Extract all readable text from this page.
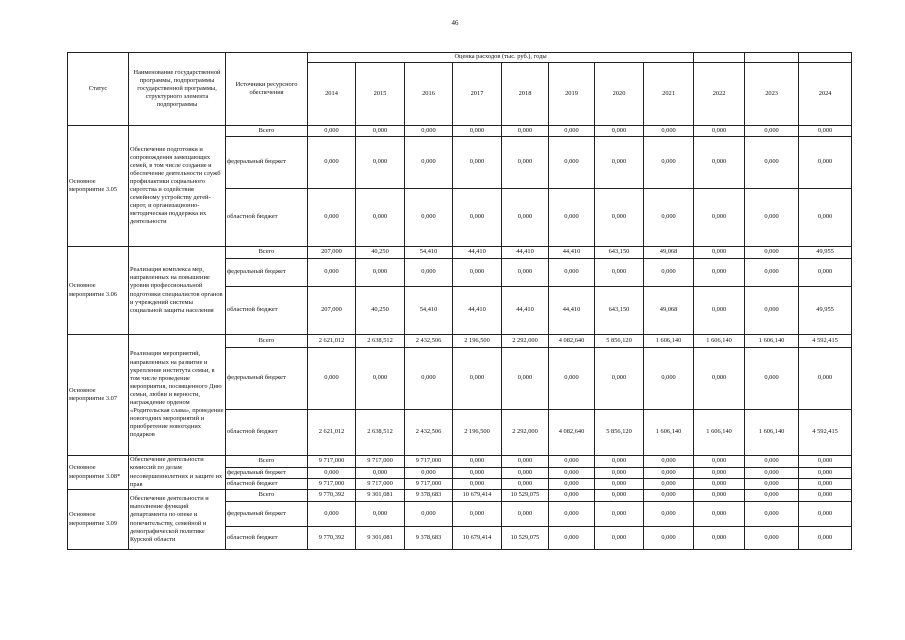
46
Статус	Наименование государственной программы, подпрограммы государственной программы, структурного элемента подпрограммы	Источники ресурсного обеспечения	Оценка расходов (тыс. руб.), годы										
			2014	2015	2016	2017	2018	2019	2020	2021	2022	2023	2024
Основное мероприятие 3.05	Обеспечение подготовки и сопровождения замещающих семей, в том числе создание и обеспечение деятельности служб профилактики социального сиротства и содействия семейному устройству детей-сирот, и организационно-методическая поддержка их деятельности	Всего	0,000	0,000	0,000	0,000	0,000	0,000	0,000	0,000	0,000	0,000	0,000
		федеральный бюджет	0,000	0,000	0,000	0,000	0,000	0,000	0,000	0,000	0,000	0,000	0,000
		областной бюджет	0,000	0,000	0,000	0,000	0,000	0,000	0,000	0,000	0,000	0,000	0,000
Основное мероприятие 3.06	Реализация комплекса мер, направленных на повышение уровня профессиональной подготовки специалистов органов и учреждений системы социальной защиты населения	Всего	207,000	40,250	54,410	44,410	44,410	44,410	643,150	49,068	0,000	0,000	49,955
		федеральный бюджет	0,000	0,000	0,000	0,000	0,000	0,000	0,000	0,000	0,000	0,000	0,000
		областной бюджет	207,000	40,250	54,410	44,410	44,410	44,410	643,150	49,068	0,000	0,000	49,955
Основное мероприятие 3.07	Реализация мероприятий, направленных на развитие и укрепление института семьи, в том числе проведение мероприятия, посвященного Дню семьи, любви и верности, награждение орденом «Родительская слава», проведение новогодних мероприятий и приобретение новогодних подарков	Всего	2 621,012	2 638,512	2 432,506	2 196,500	2 292,000	4 082,640	5 856,120	1 606,140	1 606,140	1 606,140	4 592,415
		федеральный бюджет	0,000	0,000	0,000	0,000	0,000	0,000	0,000	0,000	0,000	0,000	0,000
		областной бюджет	2 621,012	2 638,512	2 432,506	2 196,500	2 292,000	4 082,640	5 856,120	1 606,140	1 606,140	1 606,140	4 592,415
Основное мероприятие 3.08*	Обеспечение деятельности комиссий по делам несовершеннолетних и защите их прав	Всего	9 717,000	9 717,000	9 717,000	0,000	0,000	0,000	0,000	0,000	0,000	0,000	0,000
		федеральный бюджет	0,000	0,000	0,000	0,000	0,000	0,000	0,000	0,000	0,000	0,000	0,000
		областной бюджет	9 717,000	9 717,000	9 717,000	0,000	0,000	0,000	0,000	0,000	0,000	0,000	0,000
Основное мероприятие 3.09	Обеспечение деятельности и выполнение функций департамента по опеке и попечительству, семейной и демографической политике Курской области	Всего	9 770,392	9 301,081	9 378,683	10 679,414	10 529,075	0,000	0,000	0,000	0,000	0,000	0,000
		федеральный бюджет	0,000	0,000	0,000	0,000	0,000	0,000	0,000	0,000	0,000	0,000	0,000
		областной бюджет	9 770,392	9 301,081	9 378,683	10 679,414	10 529,075	0,000	0,000	0,000	0,000	0,000	0,000
